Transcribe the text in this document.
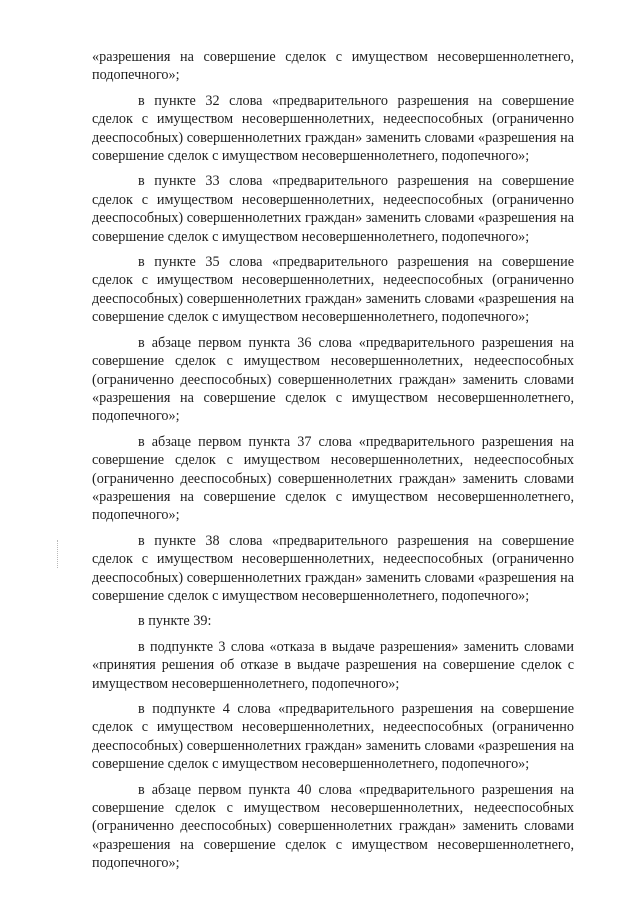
«разрешения на совершение сделок с имуществом несовершеннолетнего, подопечного»;

в пункте 32 слова «предварительного разрешения на совершение сделок с имуществом несовершеннолетних, недееспособных (ограниченно дееспособных) совершеннолетних граждан» заменить словами «разрешения на совершение сделок с имуществом несовершеннолетнего, подопечного»;

в пункте 33 слова «предварительного разрешения на совершение сделок с имуществом несовершеннолетних, недееспособных (ограниченно дееспособных) совершеннолетних граждан» заменить словами «разрешения на совершение сделок с имуществом несовершеннолетнего, подопечного»;

в пункте 35 слова «предварительного разрешения на совершение сделок с имуществом несовершеннолетних, недееспособных (ограниченно дееспособных) совершеннолетних граждан» заменить словами «разрешения на совершение сделок с имуществом несовершеннолетнего, подопечного»;

в абзаце первом пункта 36 слова «предварительного разрешения на совершение сделок с имуществом несовершеннолетних, недееспособных (ограниченно дееспособных) совершеннолетних граждан» заменить словами «разрешения на совершение сделок с имуществом несовершеннолетнего, подопечного»;

в абзаце первом пункта 37 слова «предварительного разрешения на совершение сделок с имуществом несовершеннолетних, недееспособных (ограниченно дееспособных) совершеннолетних граждан» заменить словами «разрешения на совершение сделок с имуществом несовершеннолетнего, подопечного»;

в пункте 38 слова «предварительного разрешения на совершение сделок с имуществом несовершеннолетних, недееспособных (ограниченно дееспособных) совершеннолетних граждан» заменить словами «разрешения на совершение сделок с имуществом несовершеннолетнего, подопечного»;

в пункте 39:

в подпункте 3 слова «отказа в выдаче разрешения» заменить словами «принятия решения об отказе в выдаче разрешения на совершение сделок с имуществом несовершеннолетнего, подопечного»;

в подпункте 4 слова «предварительного разрешения на совершение сделок с имуществом несовершеннолетних, недееспособных (ограниченно дееспособных) совершеннолетних граждан» заменить словами «разрешения на совершение сделок с имуществом несовершеннолетнего, подопечного»;

в абзаце первом пункта 40 слова «предварительного разрешения на совершение сделок с имуществом несовершеннолетних, недееспособных (ограниченно дееспособных) совершеннолетних граждан» заменить словами «разрешения на совершение сделок с имуществом несовершеннолетнего, подопечного»;
